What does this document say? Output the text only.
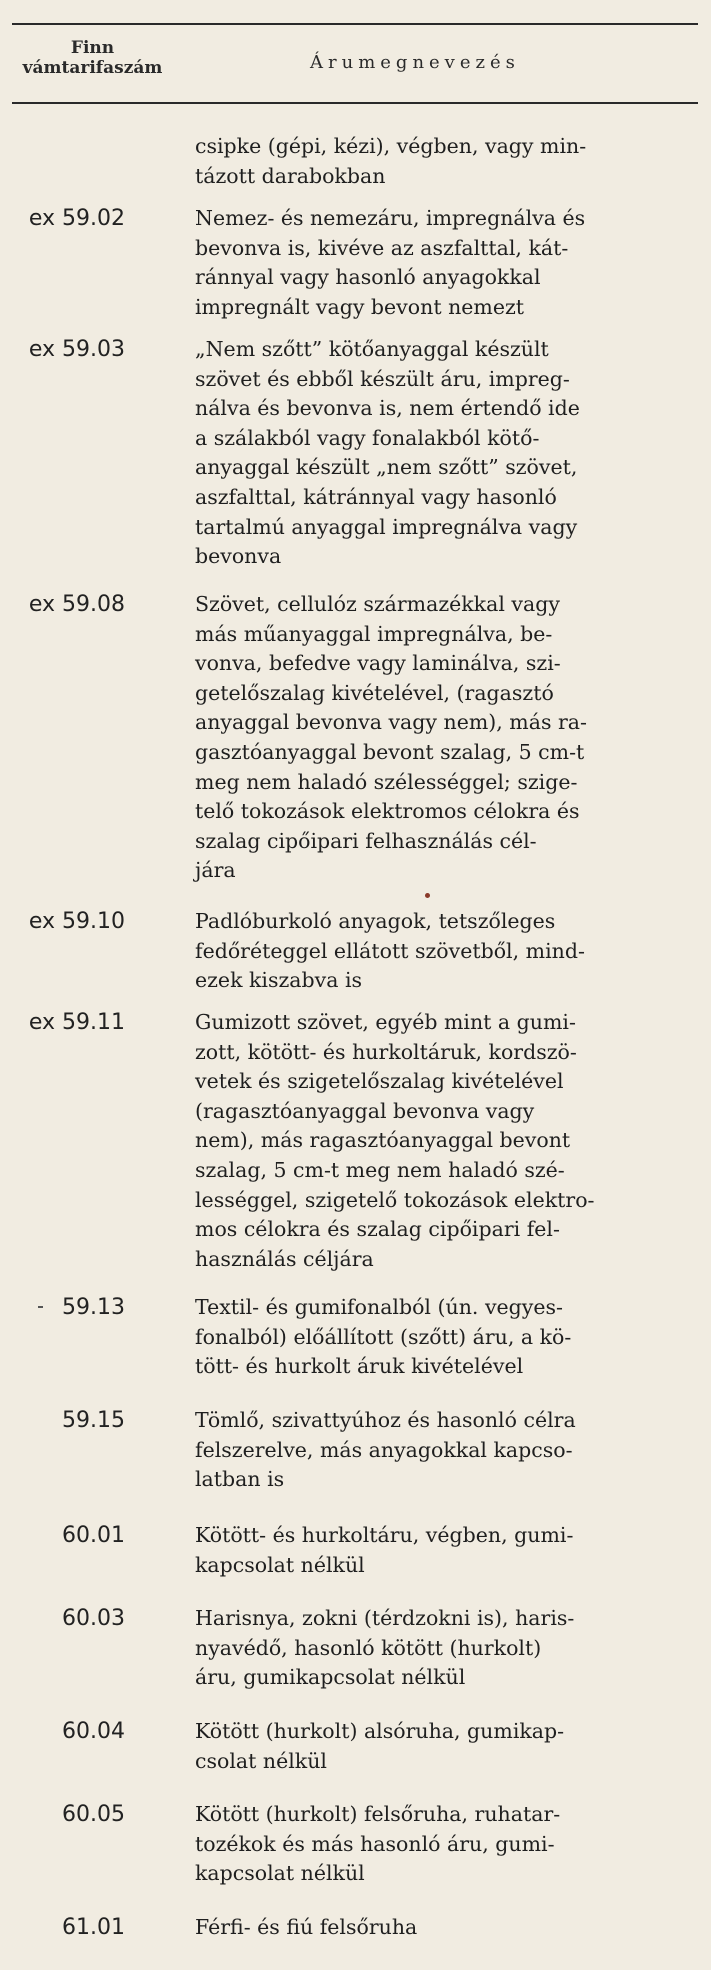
Finn
vámtarifaszám	Árumegnevezés
csipke (gépi, kézi), végben, vagy min-
tázott darabokban
ex 59.02	Nemez- és nemezáru, impregnálva és
bevonva is, kivéve az aszfalttal, kát-
ránnyal vagy hasonló anyagokkal
impregnált vagy bevont nemezt
ex 59.03	„Nem szőtt” kötőanyaggal készült
szövet és ebből készült áru, impreg-
nálva és bevonva is, nem értendő ide
a szálakból vagy fonalakból kötő-
anyaggal készült „nem szőtt” szövet,
aszfalttal, kátránnyal vagy hasonló
tartalmú anyaggal impregnálva vagy
bevonva
ex 59.08	Szövet, cellulóz származékkal vagy
más műanyaggal impregnálva, be-
vonva, befedve vagy laminálva, szi-
getelőszalag kivételével, (ragasztó
anyaggal bevonva vagy nem), más ra-
gasztóanyaggal bevont szalag, 5 cm-t
meg nem haladó szélességgel; szige-
telő tokozások elektromos célokra és
szalag cipőipari felhasználás cél-
jára
ex 59.10	Padlóburkoló anyagok, tetszőleges
fedőréteggel ellátott szövetből, mind-
ezek kiszabva is
ex 59.11	Gumizott szövet, egyéb mint a gumi-
zott, kötött- és hurkoltáruk, kordszö-
vetek és szigetelőszalag kivételével
(ragasztóanyaggal bevonva vagy
nem), más ragasztóanyaggal bevont
szalag, 5 cm-t meg nem haladó szé-
lességgel, szigetelő tokozások elektro-
mos célokra és szalag cipőipari fel-
használás céljára
59.13	Textil- és gumifonalból (ún. vegyes-
fonalból) előállított (szőtt) áru, a kö-
tött- és hurkolt áruk kivételével
59.15	Tömlő, szivattyúhoz és hasonló célra
felszerelve, más anyagokkal kapcso-
latban is
60.01	Kötött- és hurkoltáru, végben, gumi-
kapcsolat nélkül
60.03	Harisnya, zokni (térdzokni is), haris-
nyavédő, hasonló kötött (hurkolt)
áru, gumikapcsolat nélkül
60.04	Kötött (hurkolt) alsóruha, gumikap-
csolat nélkül
60.05	Kötött (hurkolt) felsőruha, ruhatar-
tozékok és más hasonló áru, gumi-
kapcsolat nélkül
61.01	Férfi- és fiú felsőruha
